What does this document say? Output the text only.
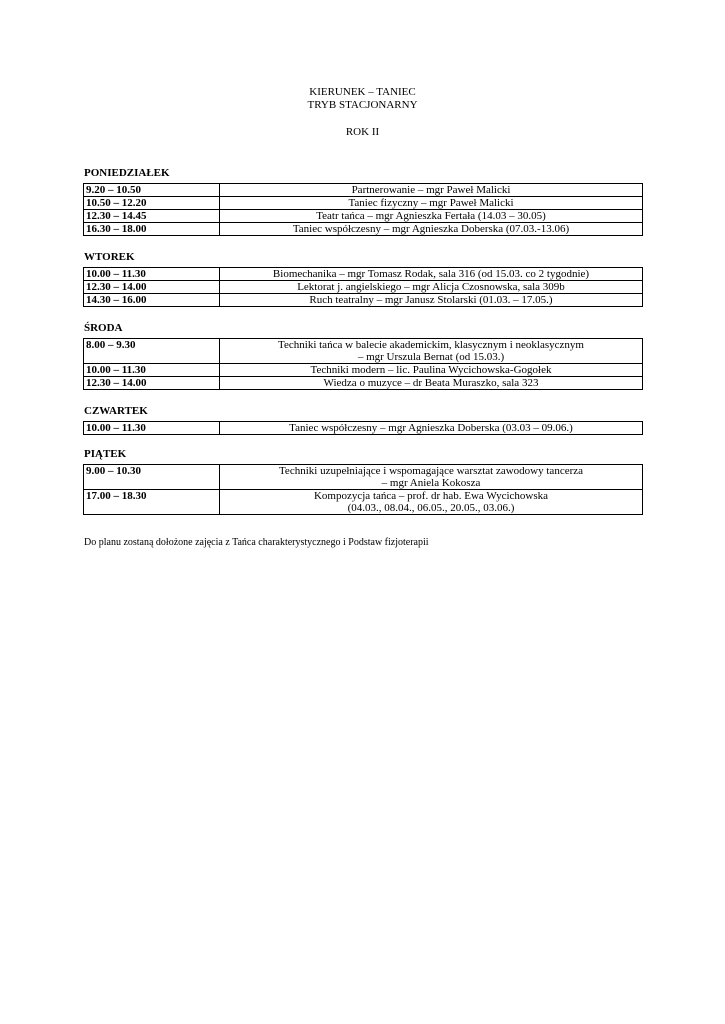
KIERUNEK – TANIEC
TRYB STACJONARNY
ROK II
PONIEDZIAŁEK
9.20 – 10.50	Partnerowanie – mgr Paweł Malicki

10.50 – 12.20	Taniec fizyczny – mgr Paweł Malicki

12.30 – 14.45	Teatr tańca – mgr Agnieszka Fertała (14.03 – 30.05)

16.30 – 18.00	Taniec współczesny – mgr Agnieszka Doberska (07.03.-13.06)
WTOREK
10.00 – 11.30	Biomechanika – mgr Tomasz Rodak, sala 316 (od 15.03. co 2 tygodnie)

12.30 – 14.00	Lektorat j. angielskiego – mgr Alicja Czosnowska, sala 309b

14.30 – 16.00	Ruch teatralny – mgr Janusz Stolarski (01.03. – 17.05.)
ŚRODA
8.00 – 9.30	Techniki tańca w balecie akademickim, klasycznym i neoklasycznym
– mgr Urszula Bernat (od 15.03.)

10.00 – 11.30	Techniki modern – lic. Paulina Wycichowska-Gogołek

12.30 – 14.00	Wiedza o muzyce – dr Beata Muraszko, sala 323
CZWARTEK
10.00 – 11.30	Taniec współczesny – mgr Agnieszka Doberska (03.03 – 09.06.)
PIĄTEK
9.00 – 10.30	Techniki uzupełniające i wspomagające warsztat zawodowy tancerza
– mgr Aniela Kokosza

17.00 – 18.30	Kompozycja tańca – prof. dr hab. Ewa Wycichowska
(04.03., 08.04., 06.05., 20.05., 03.06.)
Do planu zostaną dołożone zajęcia z Tańca charakterystycznego i Podstaw fizjoterapii
